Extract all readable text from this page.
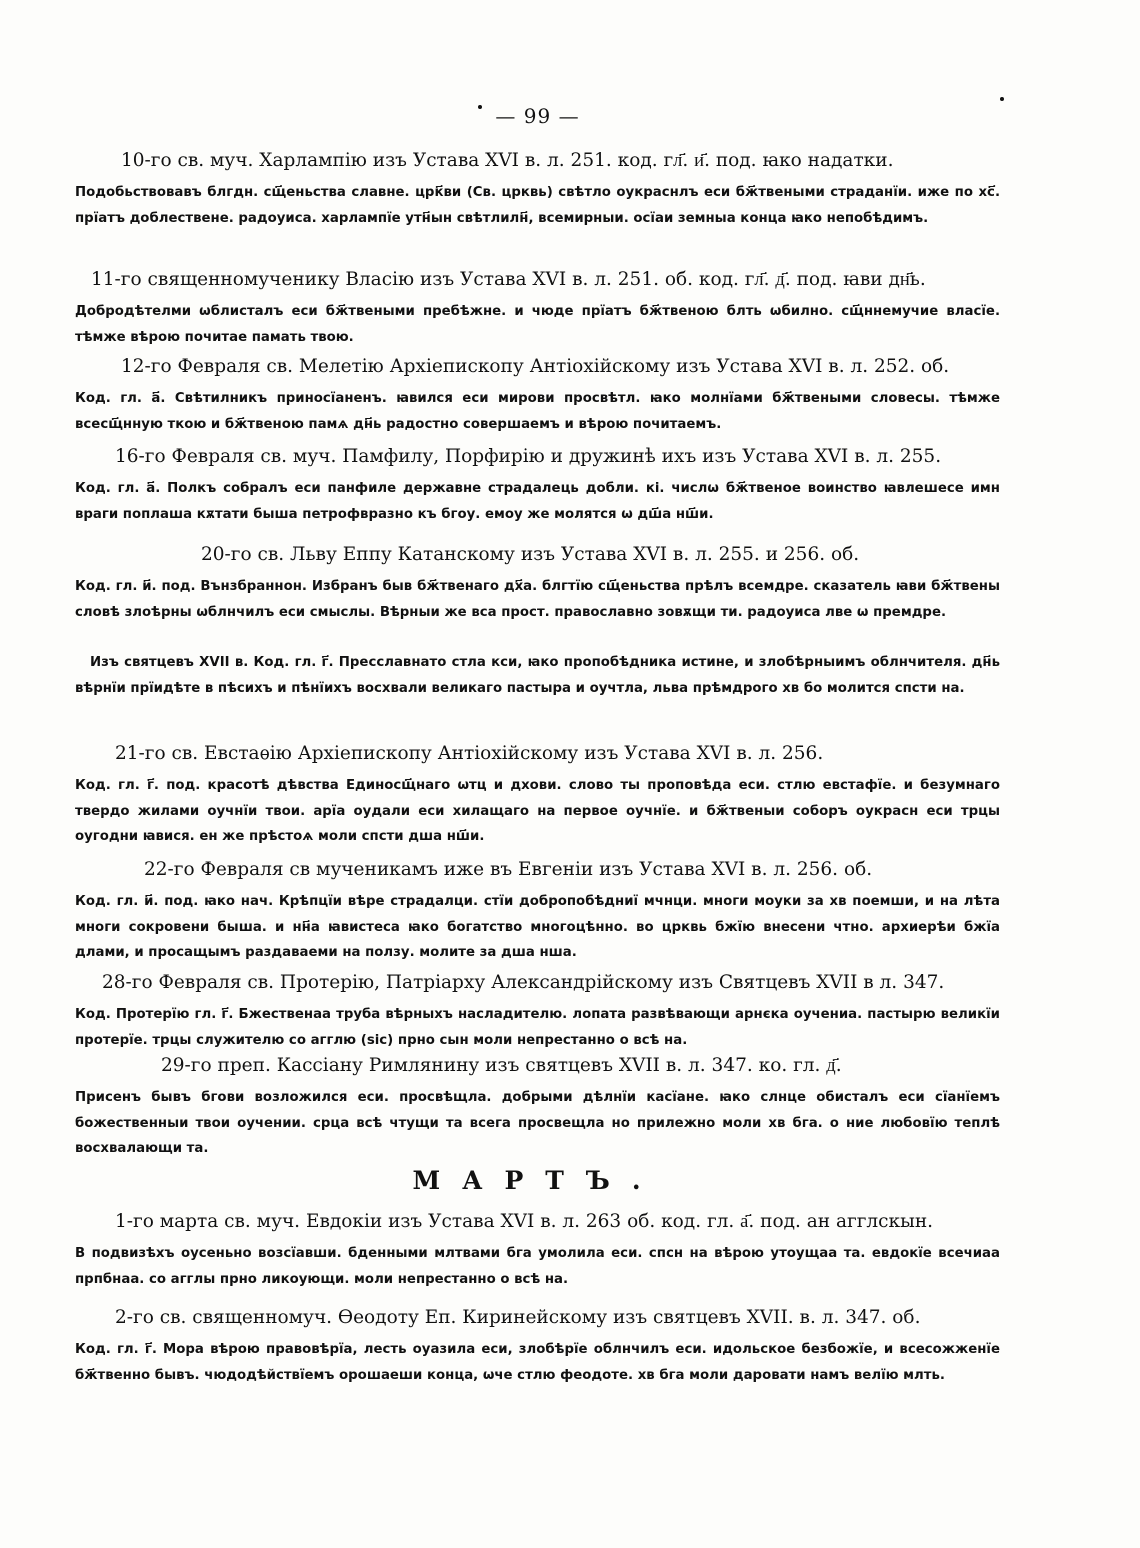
— 99 —
10-го св. муч. Харлампію изъ Устава XVI в. л. 251. код. гл҃. и҃. под. ꙗко надатки.
Подобьствовавъ блгдн. сщ҃еньства славне. црк҃ви (Св. црквь) свѣтло оукраснлъ еси бж҃твеными страданїи. иже по хс҃. прїатъ доблественe. радоуиса. харлампїе утн҃ын свѣтлилн҃, всемирныи. осїаи земныа конца ꙗко непобѣдимъ.
11-го священномученику Власію изъ Устава XVI в. л. 251. об. код. гл҃. д҃. под. ꙗви дн҃ь.
Добродѣтелми ѡблисталъ еси бж҃твеными пребѣжне. и чюде прїатъ бж҃твеною блть ѡбилно. сщ҃ннемучие власїе. тѣмже вѣрою почитае памать твою.
12-го Февраля св. Мелетію Архіепископу Антіохійскому изъ Устава XVI в. л. 252. об.
Код. гл. а҃. Свѣтилникъ приносїаненъ. ꙗвился еси мирови просвѣтл. ꙗко молнїами бж҃твеными словесы. тѣмже всесщ҃нную ткою и бж҃твеною памѧ дн҃ь радостно совершаемъ и вѣрою почитаемъ.
16-го Февраля св. муч. Памфилу, Порфирію и дружинѣ ихъ изъ Устава XVI в. л. 255.
Код. гл. а҃. Полкъ собралъ еси панфиле державне страдалець добли. кі. числѡ бж҃твеное воинство ꙗвлешесе имн враги поплаша кѫтати быша петрофвразно къ бгоу. емоу же молятся ѡ дш҃а нш҃и.
20-го св. Льву Еппу Катанскому изъ Устава XVI в. л. 255. и 256. об.
Код. гл. и҃. под. Вънзбраннон. Избранъ быв бж҃твенаго дх҃а. блгтїю сщ҃еньства прѣлъ всемдре. сказатель ꙗви бж҃твены словѣ злоѣрны ѡблнчилъ еси смыслы. Вѣрныи же вса прост. православно зовѫщи ти. радоуиса лве ѡ премдре.
Изъ святцевъ XVII в. Код. гл. г҃. Пресславнато стла кси, ꙗко пропобѣдника истине, и злобѣрныимъ облнчителя. дн҃ь вѣрнїи прїидѣте в пѣсихъ и пѣнїихъ восхвали великаго пастыра и оучтла, льва прѣмдрого хв бо молится спсти на.
21-го св. Евстаѳію Архіепископу Антіохійскому изъ Устава XVI в. л. 256.
Код. гл. г҃. под. красотѣ дѣвства Единосщ҃наго ѡтц и дхови. слово ты проповѣда еси. стлю евстафїе. и безумнаго твердо жилами оучнїи твои. арїа оудали еси хилащаго на первое оучнїе. и бж҃твеныи соборъ оукрасн еси трцы оугодни ꙗвися. ен же прѣстоѧ моли спсти дша нш҃и.
22-го Февраля св мученикамъ иже въ Евгеніи изъ Устава XVI в. л. 256. об.
Код. гл. и҃. под. ꙗко нач. Крѣпцїи вѣре страдалци. стїи добропобѣдниї мчнци. многи моуки за хв поемши, и на лѣта многи сокровени быша. и нн҃а ꙗвистеса ꙗко богатство многоцѣнно. во црквь бжїю внесени чтно. архиерѣи бжїа длами, и просащымъ раздаваеми на ползу. молите за дша нша.
28-го Февраля св. Протерію, Патріарху Александрійскому изъ Святцевъ XVII в л. 347.
Код. Протерїю гл. г҃. Бжественаа труба вѣрныхъ насладителю. лопата развѣвающи арнєка оучениа. пастырю великїи протерїе. трцы служителю со агглю (sic) прно сын моли непрестанно о всѣ на.
29-го преп. Кассіану Римлянину изъ святцевъ XVII в. л. 347. ко. гл. д҃.
Присенъ бывъ бгови возложился еси. просвѣщла. добрыми дѣлнїи касїане. ꙗко слнце обисталъ еси сїанїемъ божественныи твои оучении. срца всѣ чтущи та всега просвещла но прилежно моли хв бга. о ниe любовїю теплѣ восхвалающи та.
1-го марта св. муч. Евдокіи изъ Устава XVI в. л. 263 об. код. гл. а҃. под. ан агглскын.
В подвизѣхъ оусеньно возсїавши. бденными млтвами бга умолила еси. спсн на вѣрою утоущаа та. евдокїе всечиаа прпбнаа. со агглы прно ликоующи. моли непрестанно о всѣ на.
2-го св. священномуч. Ѳеодоту Еп. Киринейскому изъ святцевъ XVII. в. л. 347. об.
Код. гл. г҃. Мора вѣрою правовѣрїа, лесть оуазила еси, злобѣрїе облнчилъ еси. идольское безбожїе, и всесожженїе бж҃твенно бывъ. чюдодѣйствїемъ орошаеши конца, ѡче стлю феодоте. хв бга моли даровати намъ велїю млть.
МАРТЪ.
